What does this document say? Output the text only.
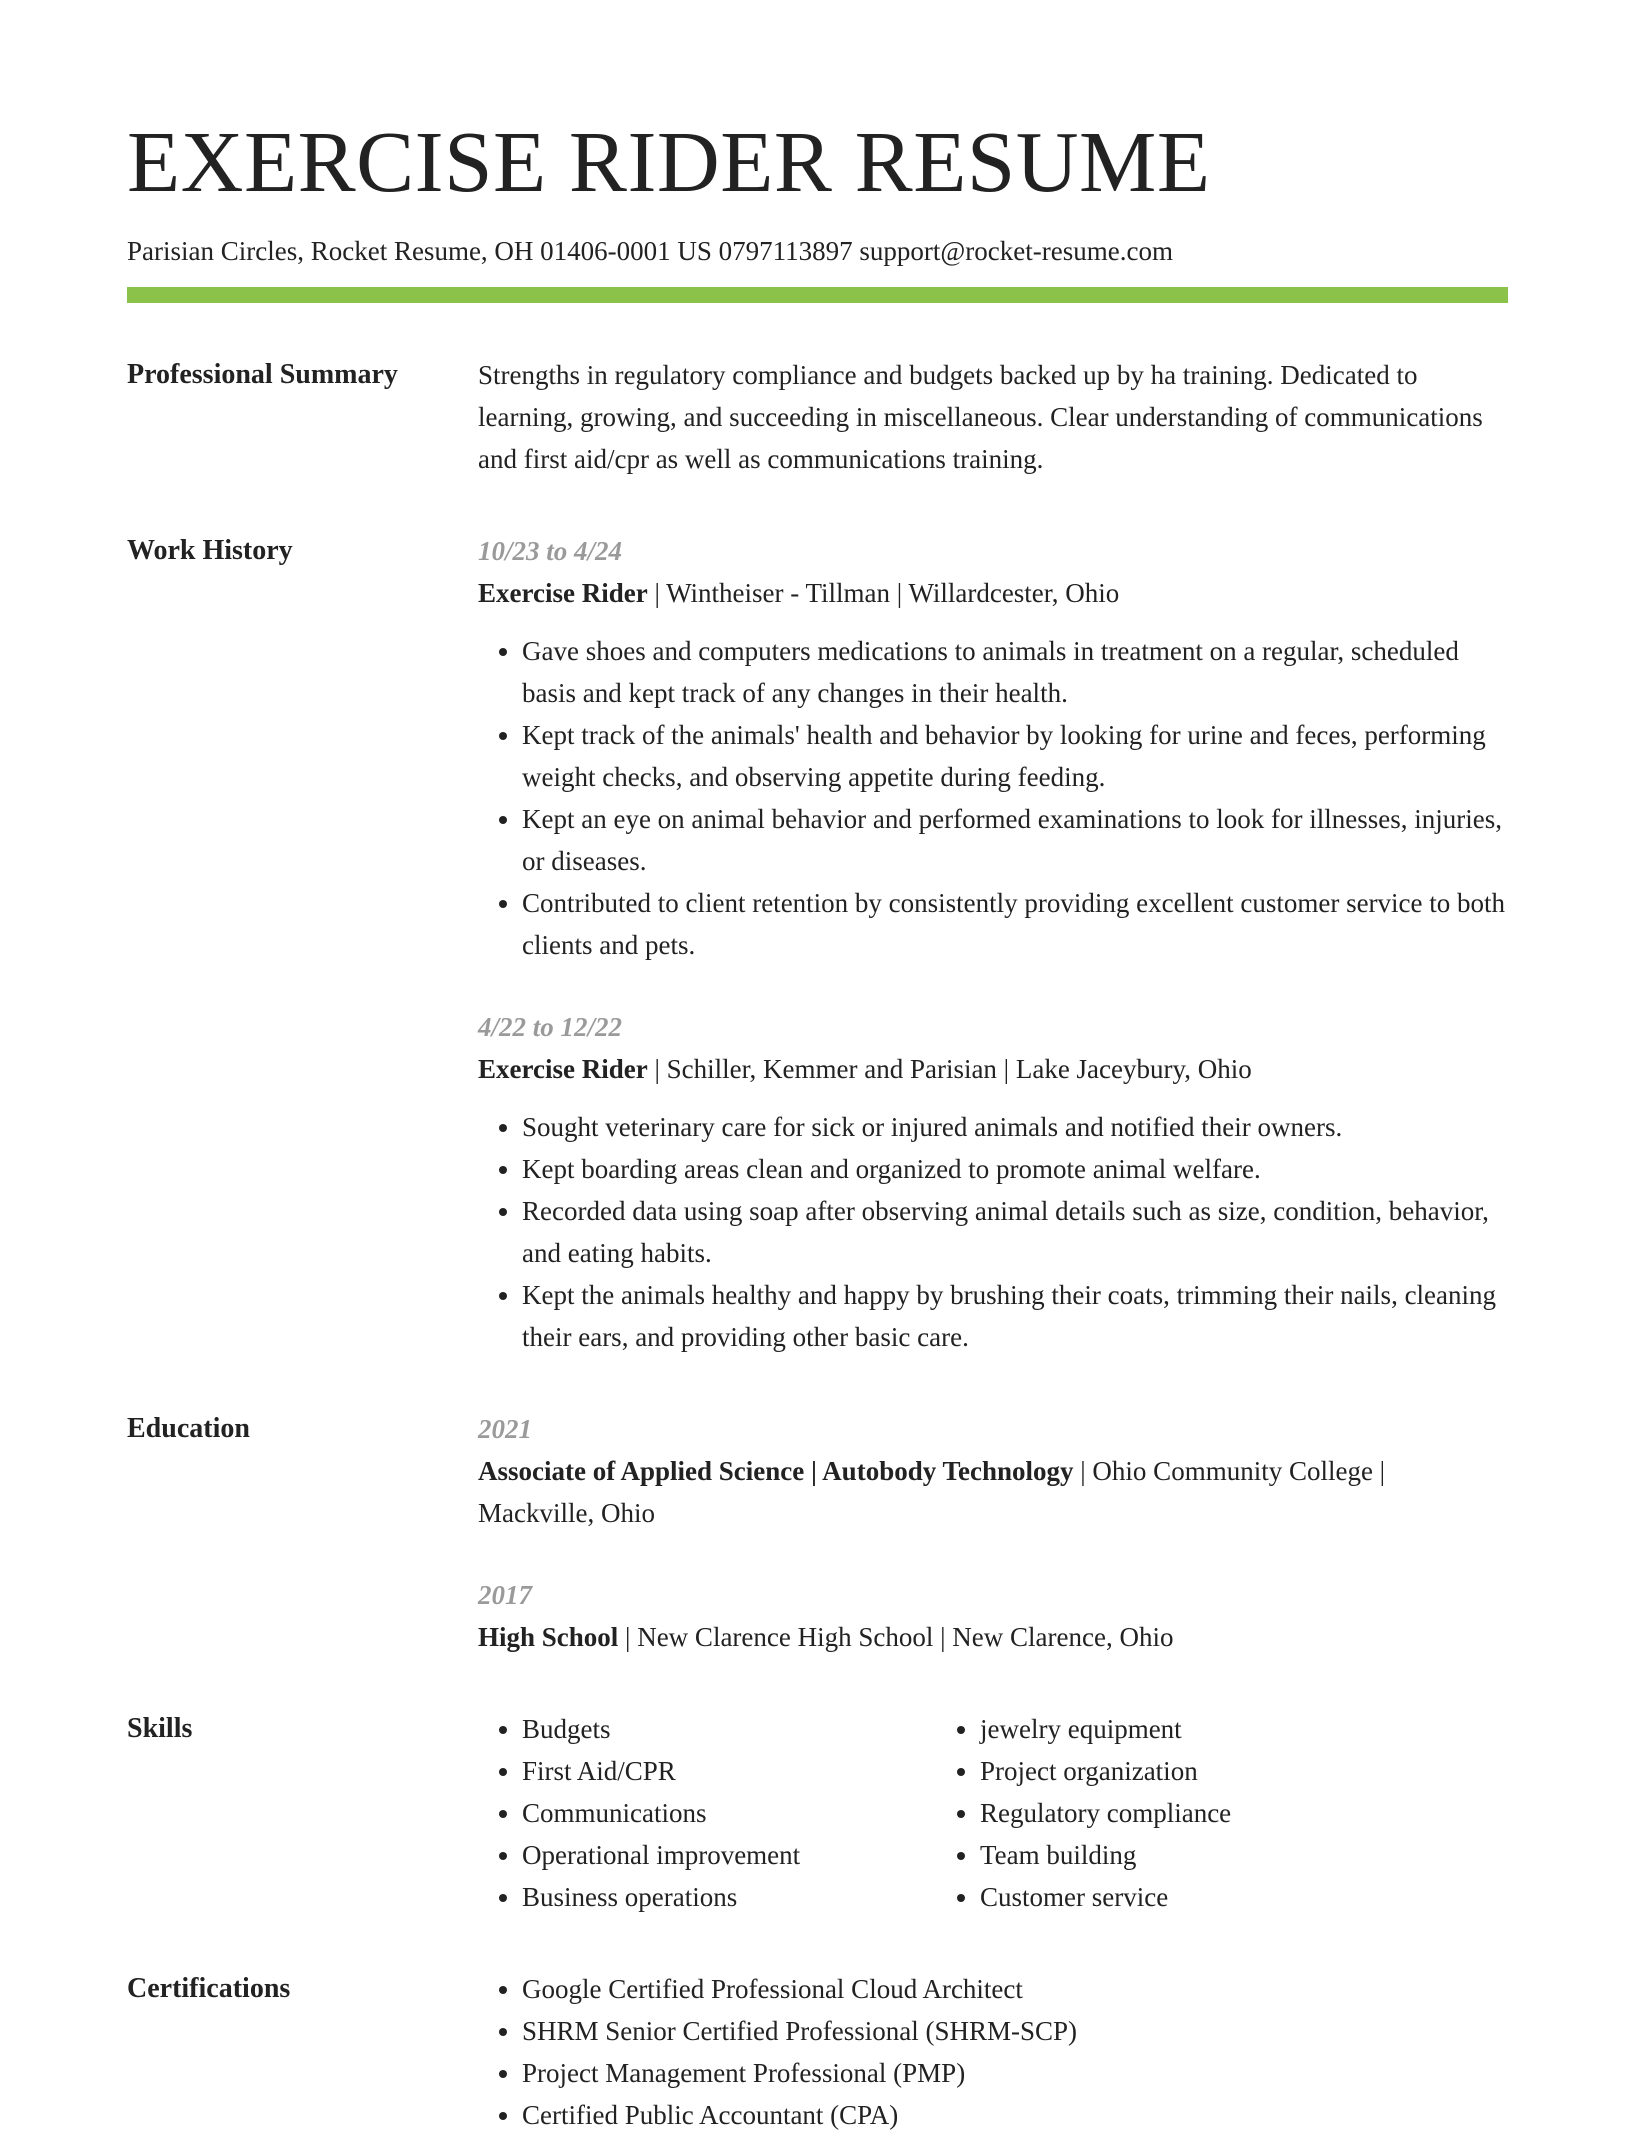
EXERCISE RIDER RESUME
Parisian Circles, Rocket Resume, OH 01406-0001 US 0797113897 support@rocket-resume.com
Professional Summary	Strengths in regulatory compliance and budgets backed up by ha training. Dedicated to learning, growing, and succeeding in miscellaneous. Clear understanding of communications and first aid/cpr as well as communications training.

Work History	10/23 to 4/24

Exercise Rider | Wintheiser - Tillman | Willardcester, Ohio

• Gave shoes and computers medications to animals in treatment on a regular, scheduled basis and kept track of any changes in their health.
• Kept track of the animals' health and behavior by looking for urine and feces, performing weight checks, and observing appetite during feeding.
• Kept an eye on animal behavior and performed examinations to look for illnesses, injuries, or diseases.
• Contributed to client retention by consistently providing excellent customer service to both clients and pets.
4/22 to 12/22

Exercise Rider | Schiller, Kemmer and Parisian | Lake Jaceybury, Ohio

• Sought veterinary care for sick or injured animals and notified their owners.
• Kept boarding areas clean and organized to promote animal welfare.
• Recorded data using soap after observing animal details such as size, condition, behavior, and eating habits.
• Kept the animals healthy and happy by brushing their coats, trimming their nails, cleaning their ears, and providing other basic care.
Education	2021

Associate of Applied Science | Autobody Technology | Ohio Community College | Mackville, Ohio

2017

High School | New Clarence High School | New Clarence, Ohio

Skills	• Budgets
• First Aid/CPR
• Communications
• Operational improvement
• Business operations
• jewelry equipment
• Project organization
• Regulatory compliance
• Team building
• Customer service
Certifications	• Google Certified Professional Cloud Architect
• SHRM Senior Certified Professional (SHRM-SCP)
• Project Management Professional (PMP)
• Certified Public Accountant (CPA)
